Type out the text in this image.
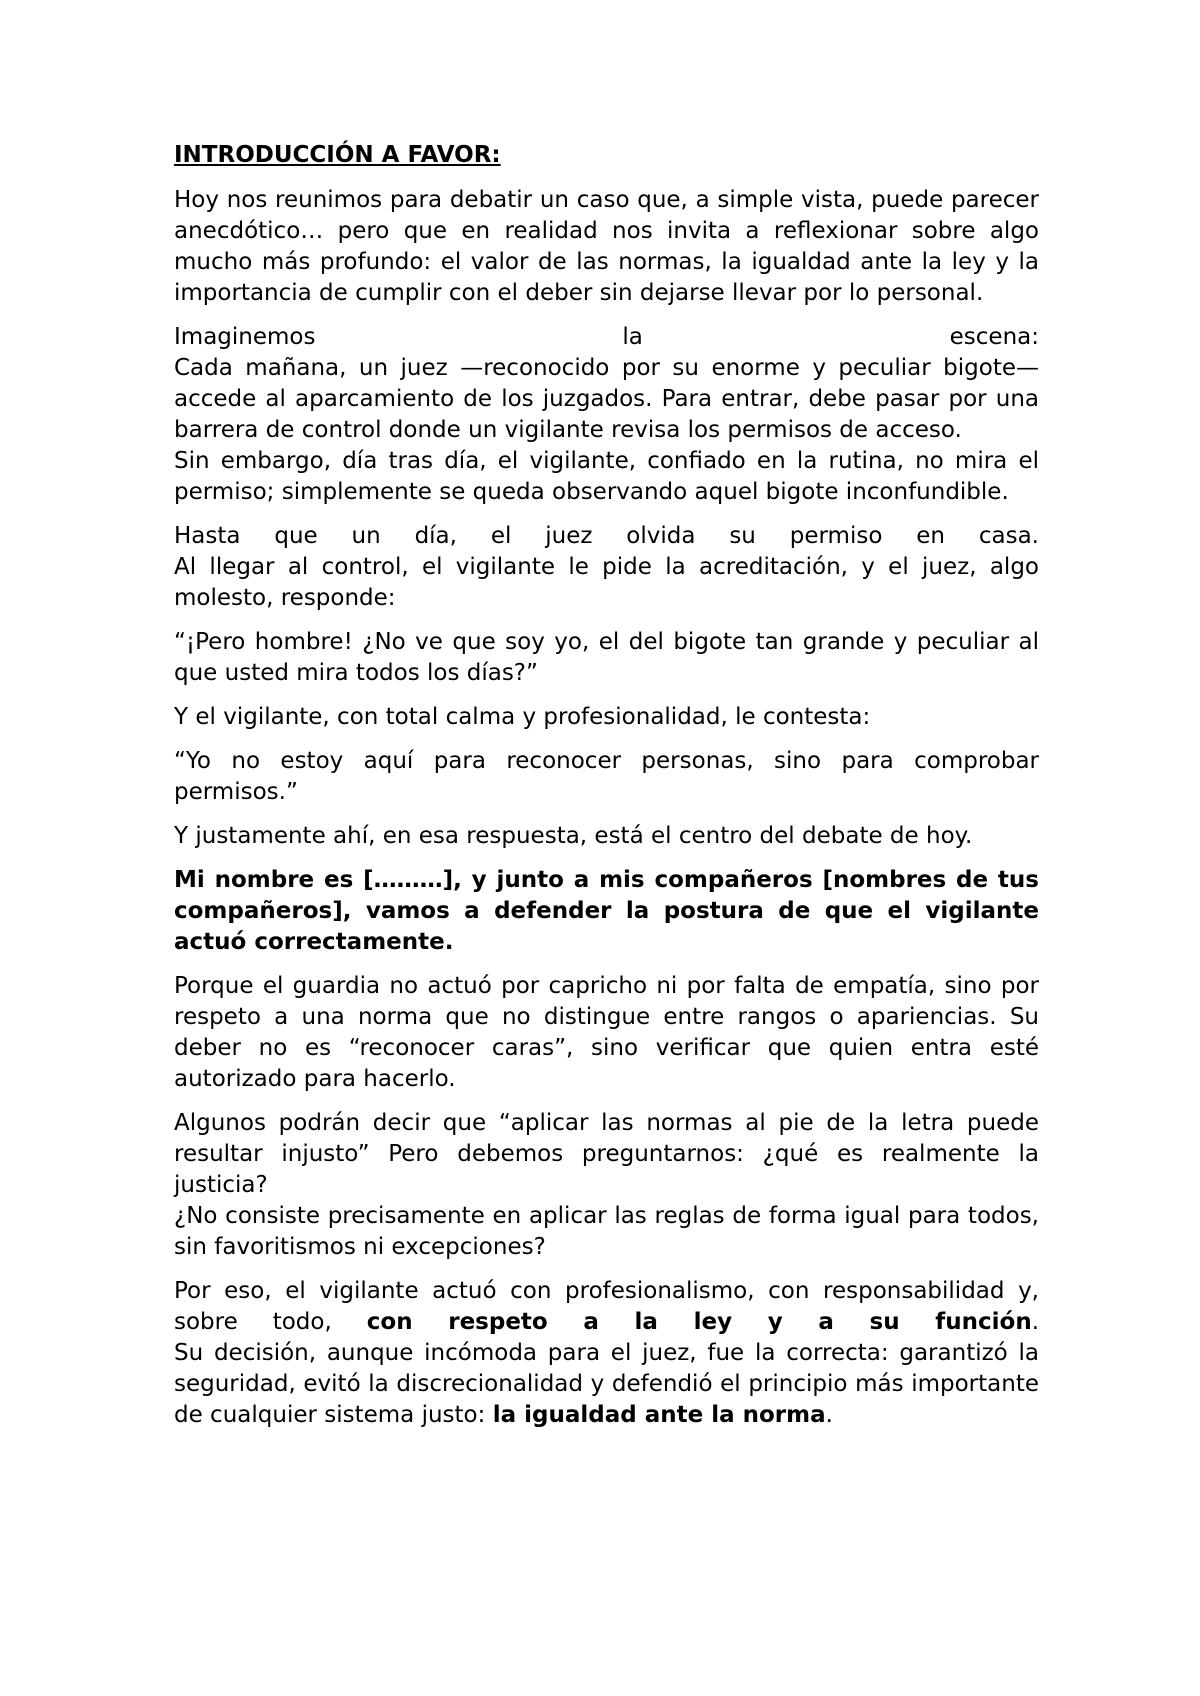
INTRODUCCIÓN A FAVOR:

Hoy nos reunimos para debatir un caso que, a simple vista, puede parecer anecdótico… pero que en realidad nos invita a reflexionar sobre algo mucho más profundo: el valor de las normas, la igualdad ante la ley y la importancia de cumplir con el deber sin dejarse llevar por lo personal.

Imaginemos	la	escena:
Cada mañana, un juez —reconocido por su enorme y peculiar bigote— accede al aparcamiento de los juzgados. Para entrar, debe pasar por una barrera de control donde un vigilante revisa los permisos de acceso.
Sin embargo, día tras día, el vigilante, confiado en la rutina, no mira el permiso; simplemente se queda observando aquel bigote inconfundible.

Hasta que un día, el juez olvida su permiso en casa.
Al llegar al control, el vigilante le pide la acreditación, y el juez, algo molesto, responde:

“¡Pero hombre! ¿No ve que soy yo, el del bigote tan grande y peculiar al que usted mira todos los días?”

Y el vigilante, con total calma y profesionalidad, le contesta:

“Yo no estoy aquí para reconocer personas, sino para comprobar permisos.”

Y justamente ahí, en esa respuesta, está el centro del debate de hoy.

Mi nombre es [………], y junto a mis compañeros [nombres de tus compañeros], vamos a defender la postura de que el vigilante actuó correctamente.

Porque el guardia no actuó por capricho ni por falta de empatía, sino por respeto a una norma que no distingue entre rangos o apariencias. Su deber no es “reconocer caras”, sino verificar que quien entra esté autorizado para hacerlo.

Algunos podrán decir que “aplicar las normas al pie de la letra puede resultar injusto” Pero debemos preguntarnos: ¿qué es realmente la justicia?
¿No consiste precisamente en aplicar las reglas de forma igual para todos, sin favoritismos ni excepciones?

Por eso, el vigilante actuó con profesionalismo, con responsabilidad y, sobre todo, con respeto a la ley y a su función.
Su decisión, aunque incómoda para el juez, fue la correcta: garantizó la seguridad, evitó la discrecionalidad y defendió el principio más importante de cualquier sistema justo: la igualdad ante la norma.
